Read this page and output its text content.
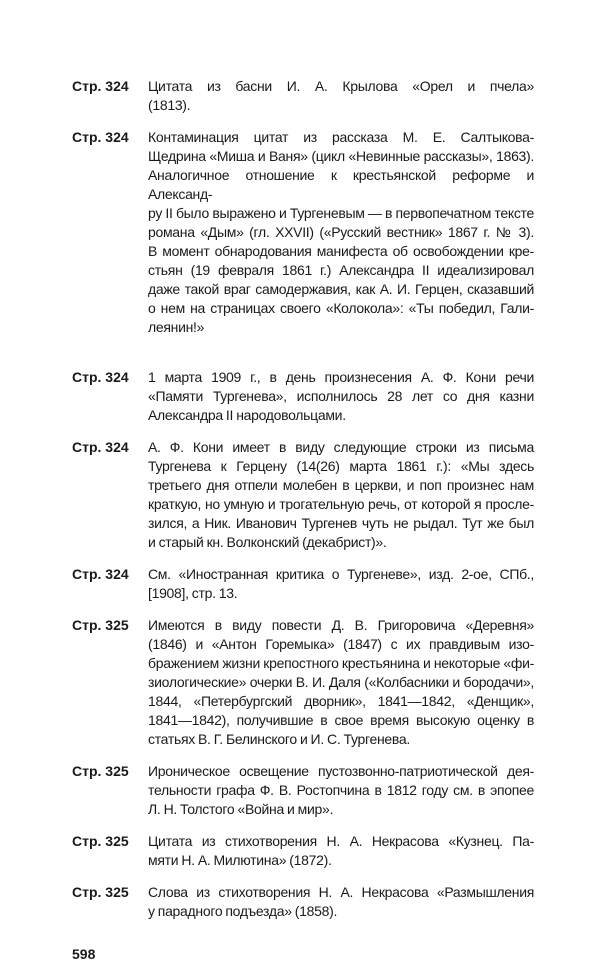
Стр. 324 Цитата из басни И. А. Крылова «Орел и пчела»
(1813).
Стр. 324 Контаминация цитат из рассказа М. Е. Салтыкова-
Щедрина «Миша и Ваня» (цикл «Невинные рассказы», 1863).
Аналогичное отношение к крестьянской реформе и Александ-
ру II было выражено и Тургеневым — в первопечатном тексте
романа «Дым» (гл. XXVII) («Русский вестник» 1867 г. № 3).
В момент обнародования манифеста об освобождении кре-
стьян (19 февраля 1861 г.) Александра II идеализировал
даже такой враг самодержавия, как А. И. Герцен, сказавший
о нем на страницах своего «Колокола»: «Ты победил, Гали-
леянин!»
Стр. 324 1 марта 1909 г., в день произнесения А. Ф. Кони речи
«Памяти Тургенева», исполнилось 28 лет со дня казни
Александра II народовольцами.
Стр. 324 А. Ф. Кони имеет в виду следующие строки из письма
Тургенева к Герцену (14(26) марта 1861 г.): «Мы здесь
третьего дня отпели молебен в церкви, и поп произнес нам
краткую, но умную и трогательную речь, от которой я просле-
зился, а Ник. Иванович Тургенев чуть не рыдал. Тут же был
и старый кн. Волконский (декабрист)».
Стр. 324 См. «Иностранная критика о Тургеневе», изд. 2-ое, СПб.,
[1908], стр. 13.
Стр. 325 Имеются в виду повести Д. В. Григоровича «Деревня»
(1846) и «Антон Горемыка» (1847) с их правдивым изо-
бражением жизни крепостного крестьянина и некоторые «фи-
зиологические» очерки В. И. Даля («Колбасники и бородачи»,
1844, «Петербургский дворник», 1841—1842, «Денщик»,
1841—1842), получившие в свое время высокую оценку в
статьях В. Г. Белинского и И. С. Тургенева.
Стр. 325 Ироническое освещение пустозвонно-патриотической дея-
тельности графа Ф. В. Ростопчина в 1812 году см. в эпопее
Л. Н. Толстого «Война и мир».
Стр. 325 Цитата из стихотворения Н. А. Некрасова «Кузнец. Па-
мяти Н. А. Милютина» (1872).
Стр. 325 Слова из стихотворения Н. А. Некрасова «Размышления
у парадного подъезда» (1858).
598
